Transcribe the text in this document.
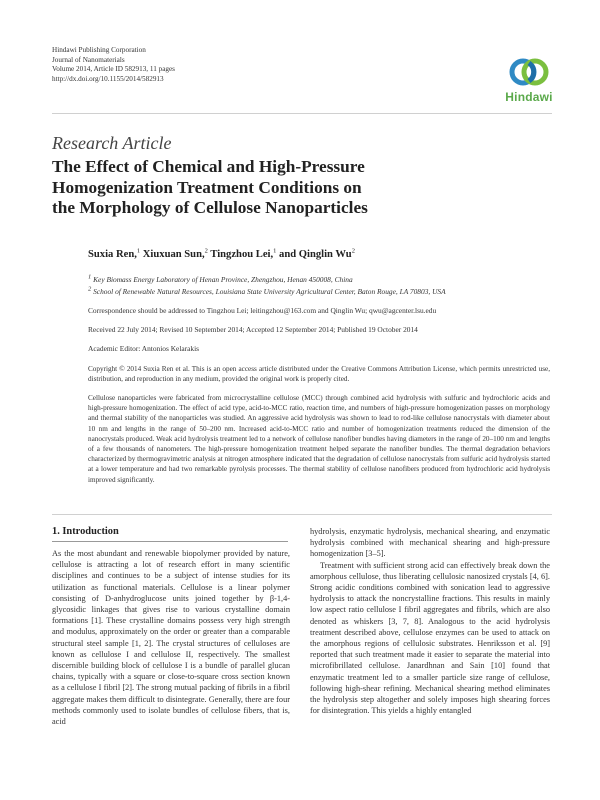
Hindawi Publishing Corporation
Journal of Nanomaterials
Volume 2014, Article ID 582913, 11 pages
http://dx.doi.org/10.1155/2014/582913
Hindawi
Research Article
The Effect of Chemical and High-Pressure
Homogenization Treatment Conditions on
the Morphology of Cellulose Nanoparticles
Suxia Ren,$^1$ Xiuxuan Sun,$^2$ Tingzhou Lei,$^1$ and Qinglin Wu$^2$
$^1$ Key Biomass Energy Laboratory of Henan Province, Zhengzhou, Henan 450008, China
$^2$ School of Renewable Natural Resources, Louisiana State University Agricultural Center, Baton Rouge, LA 70803, USA
Correspondence should be addressed to Tingzhou Lei; leitingzhou@163.com and Qinglin Wu; qwu@agcenter.lsu.edu
Received 22 July 2014; Revised 10 September 2014; Accepted 12 September 2014; Published 19 October 2014
Academic Editor: Antonios Kelarakis
Copyright © 2014 Suxia Ren et al. This is an open access article distributed under the Creative Commons Attribution License, which permits unrestricted use, distribution, and reproduction in any medium, provided the original work is properly cited.
Cellulose nanoparticles were fabricated from microcrystalline cellulose (MCC) through combined acid hydrolysis with sulfuric and hydrochloric acids and high-pressure homogenization. The effect of acid type, acid-to-MCC ratio, reaction time, and numbers of high-pressure homogenization passes on morphology and thermal stability of the nanoparticles was studied. An aggressive acid hydrolysis was shown to lead to rod-like cellulose nanocrystals with diameter about 10 nm and lengths in the range of 50–200 nm. Increased acid-to-MCC ratio and number of homogenization treatments reduced the dimension of the nanocrystals produced. Weak acid hydrolysis treatment led to a network of cellulose nanofiber bundles having diameters in the range of 20–100 nm and lengths of a few thousands of nanometers. The high-pressure homogenization treatment helped separate the nanofiber bundles. The thermal degradation behaviors characterized by thermogravimetric analysis at nitrogen atmosphere indicated that the degradation of cellulose nanocrystals from sulfuric acid hydrolysis started at a lower temperature and had two remarkable pyrolysis processes. The thermal stability of cellulose nanofibers produced from hydrochloric acid hydrolysis improved significantly.
1. Introduction

As the most abundant and renewable biopolymer provided by nature, cellulose is attracting a lot of research effort in many scientific disciplines and continues to be a subject of intense studies for its utilization as functional materials. Cellulose is a linear polymer consisting of D-anhydroglucose units joined together by β-1,4-glycosidic linkages that gives rise to various crystalline domain formations [1]. These crystalline domains possess very high strength and modulus, approximately on the order or greater than a comparable structural steel sample [1, 2]. The crystal structures of celluloses are known as cellulose I and cellulose II, respectively. The smallest discernible building block of cellulose I is a bundle of parallel glucan chains, typically with a square or close-to-square cross section known as a cellulose I fibril [2]. The strong mutual packing of fibrils in a fibril aggregate makes them difficult to disintegrate. Generally, there are four methods commonly used to isolate bundles of cellulose fibers, that is, acid

hydrolysis, enzymatic hydrolysis, mechanical shearing, and enzymatic hydrolysis combined with mechanical shearing and high-pressure homogenization [3–5].

Treatment with sufficient strong acid can effectively break down the amorphous cellulose, thus liberating cellulosic nanosized crystals [4, 6]. Strong acidic conditions combined with sonication lead to aggressive hydrolysis to attack the noncrystalline fractions. This results in mainly low aspect ratio cellulose I fibril aggregates and fibrils, which are also denoted as whiskers [3, 7, 8]. Analogous to the acid hydrolysis treatment described above, cellulose enzymes can be used to attack on the amorphous regions of cellulosic substrates. Henriksson et al. [9] reported that such treatment made it easier to separate the material into microfibrillated cellulose. Janardhnan and Sain [10] found that enzymatic treatment led to a smaller particle size range of cellulose, following high-shear refining. Mechanical shearing method eliminates the hydrolysis step altogether and solely imposes high shearing forces for disintegration. This yields a highly entangled
